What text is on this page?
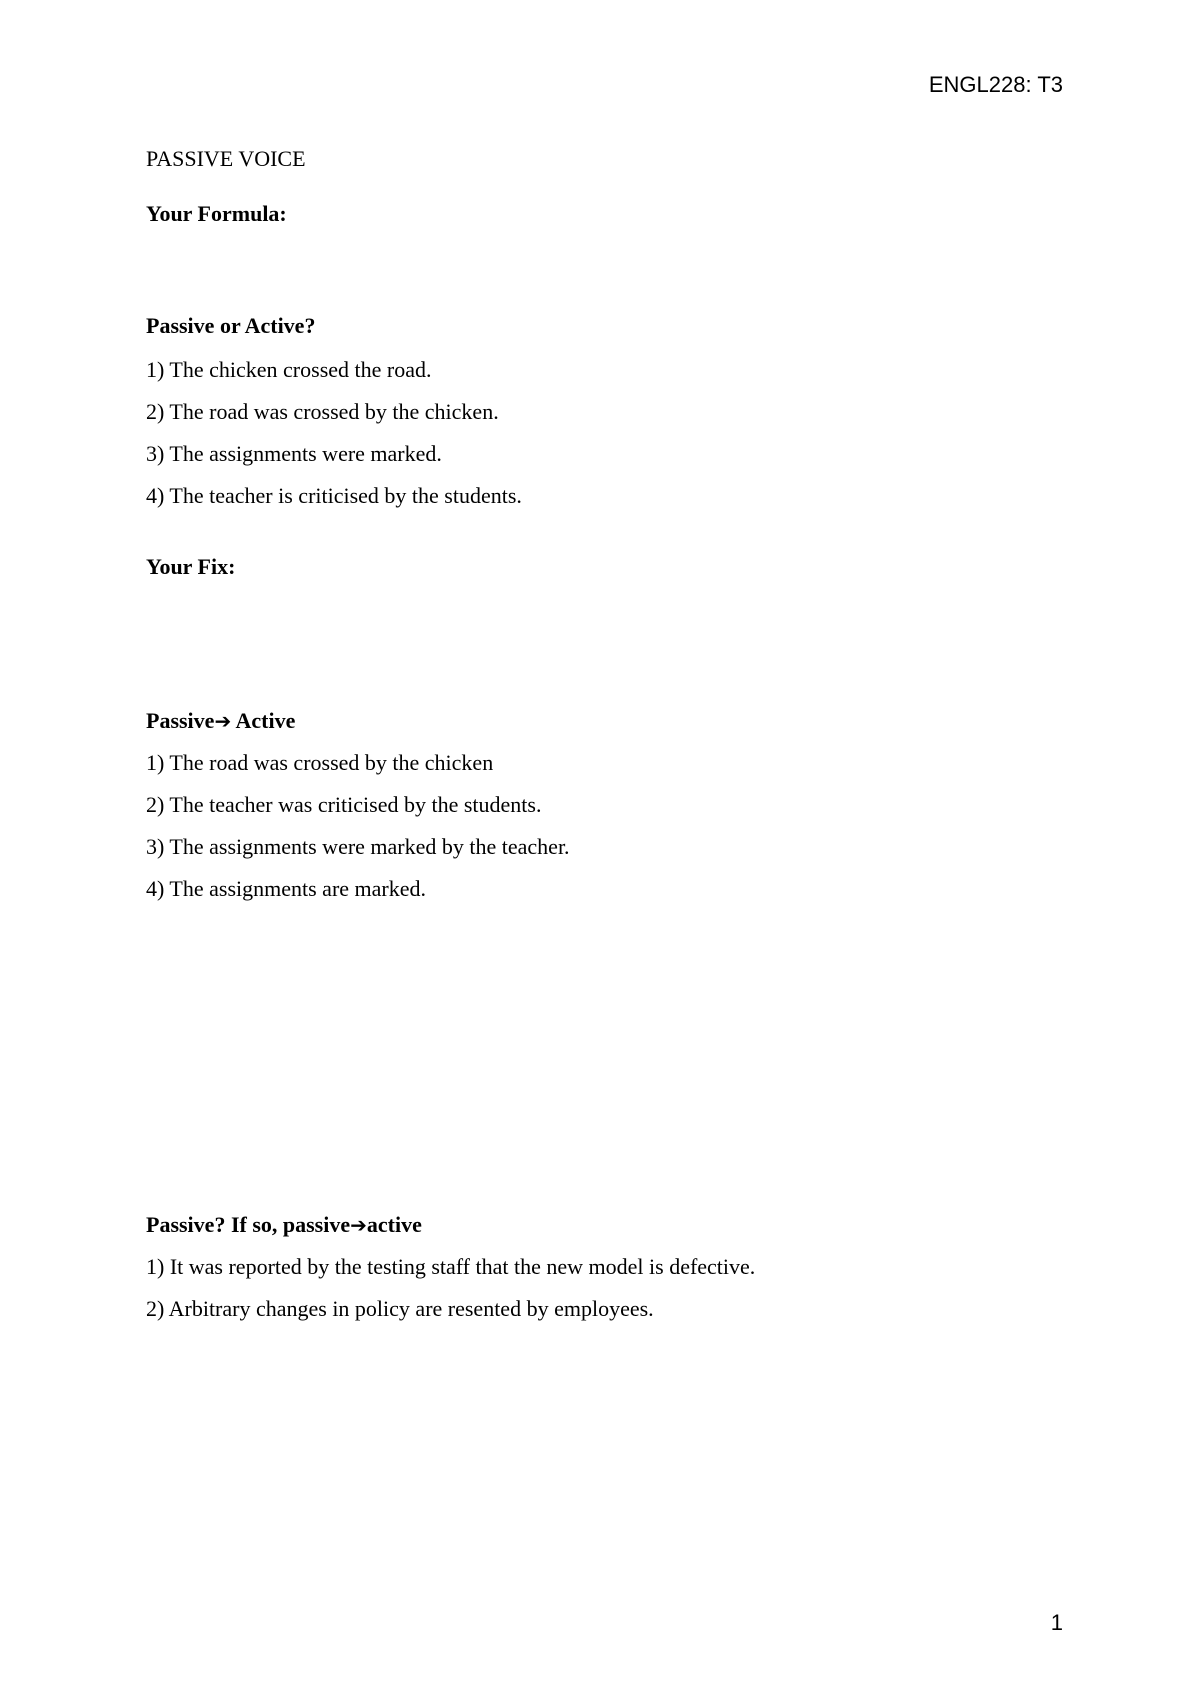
ENGL228: T3

PASSIVE VOICE

Your Formula:

Passive or Active?

1) The chicken crossed the road.

2) The road was crossed by the chicken.

3) The assignments were marked.

4) The teacher is criticised by the students.

Your Fix:

Passive➔ Active

1) The road was crossed by the chicken

2) The teacher was criticised by the students.

3) The assignments were marked by the teacher.

4) The assignments are marked.

Passive? If so, passive➔active

1) It was reported by the testing staff that the new model is defective.

2) Arbitrary changes in policy are resented by employees.

1
